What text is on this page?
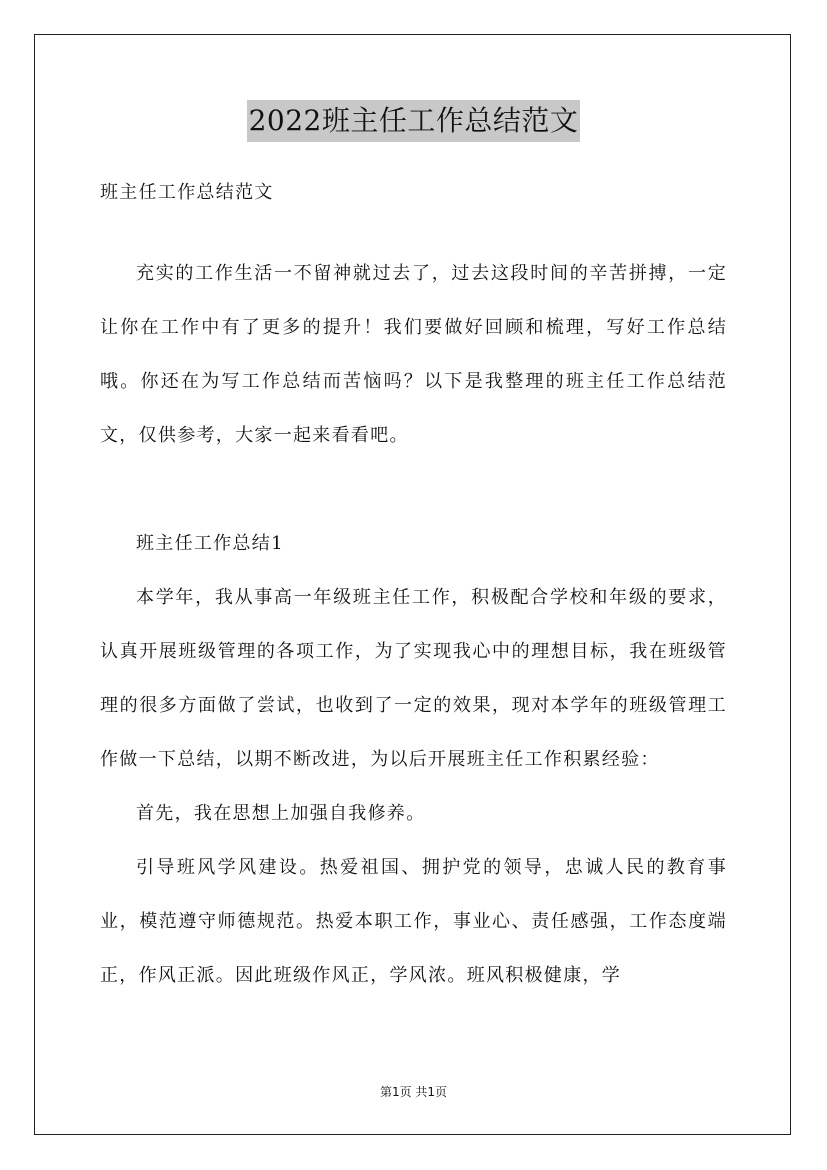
2022班主任工作总结范文

班主任工作总结范文

充实的工作生活一不留神就过去了，过去这段时间的辛苦拼搏，一定让你在工作中有了更多的提升！我们要做好回顾和梳理，写好工作总结哦。你还在为写工作总结而苦恼吗？以下是我整理的班主任工作总结范文，仅供参考，大家一起来看看吧。

班主任工作总结1

本学年，我从事高一年级班主任工作，积极配合学校和年级的要求，认真开展班级管理的各项工作，为了实现我心中的理想目标，我在班级管理的很多方面做了尝试，也收到了一定的效果，现对本学年的班级管理工作做一下总结，以期不断改进，为以后开展班主任工作积累经验：

首先，我在思想上加强自我修养。

引导班风学风建设。热爱祖国、拥护党的领导，忠诚人民的教育事业，模范遵守师德规范。热爱本职工作，事业心、责任感强，工作态度端正，作风正派。因此班级作风正，学风浓。班风积极健康，学

第1页 共1页
